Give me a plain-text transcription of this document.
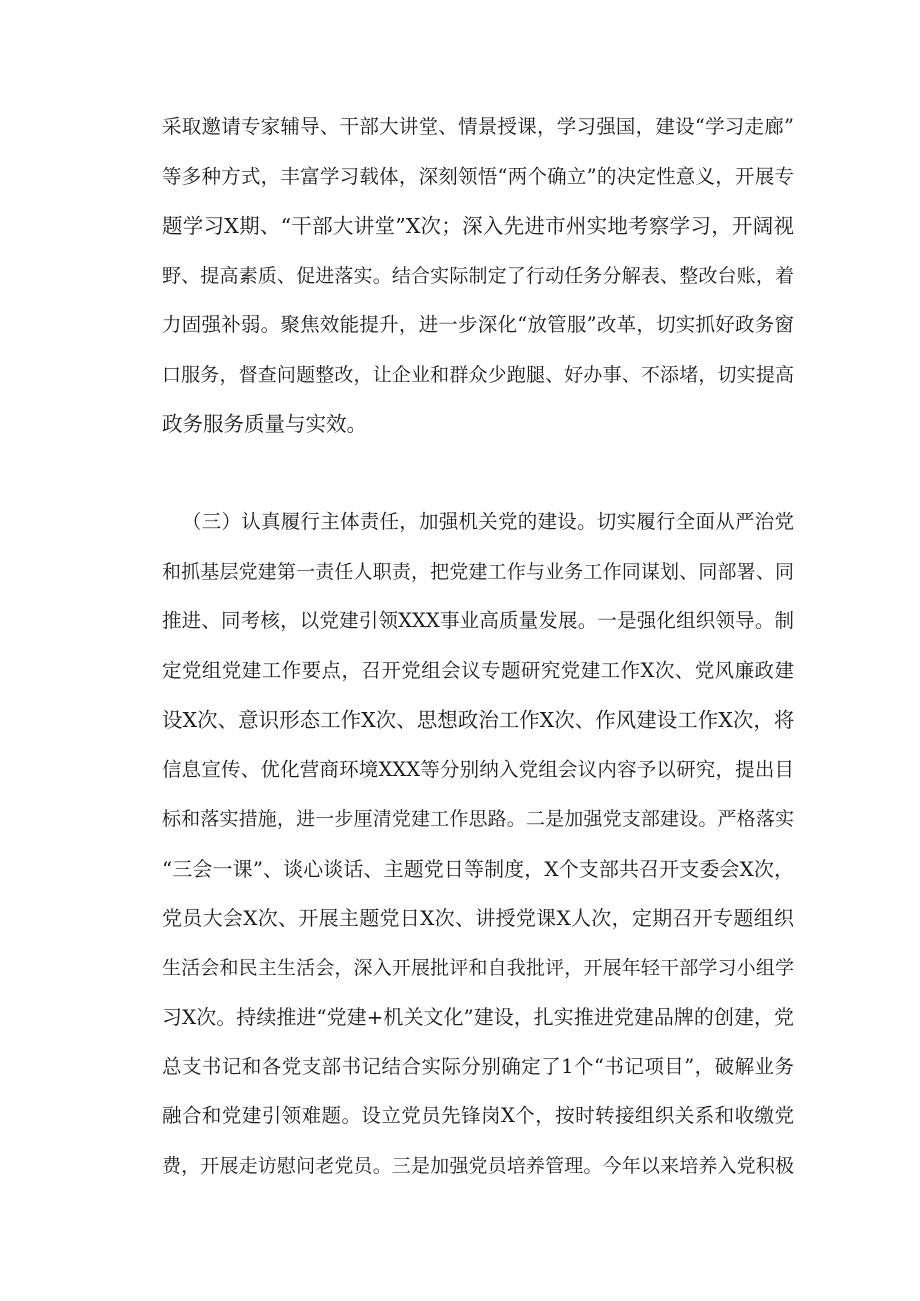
采取邀请专家辅导、干部大讲堂、情景授课，学习强国，建设“学习走廊”
等多种方式，丰富学习载体，深刻领悟“两个确立”的决定性意义，开展专
题学习X期、“干部大讲堂”X次；深入先进市州实地考察学习，开阔视
野、提高素质、促进落实。结合实际制定了行动任务分解表、整改台账，着
力固强补弱。聚焦效能提升，进一步深化“放管服”改革，切实抓好政务窗
口服务，督查问题整改，让企业和群众少跑腿、好办事、不添堵，切实提高
政务服务质量与实效。
（三）认真履行主体责任，加强机关党的建设。切实履行全面从严治党
和抓基层党建第一责任人职责，把党建工作与业务工作同谋划、同部署、同
推进、同考核，以党建引领XXX事业高质量发展。一是强化组织领导。制
定党组党建工作要点，召开党组会议专题研究党建工作X次、党风廉政建
设X次、意识形态工作X次、思想政治工作X次、作风建设工作X次，将
信息宣传、优化营商环境XXX等分别纳入党组会议内容予以研究，提出目
标和落实措施，进一步厘清党建工作思路。二是加强党支部建设。严格落实
“三会一课”、谈心谈话、主题党日等制度，X个支部共召开支委会X次，
党员大会X次、开展主题党日X次、讲授党课X人次，定期召开专题组织
生活会和民主生活会，深入开展批评和自我批评，开展年轻干部学习小组学
习X次。持续推进“党建+机关文化”建设，扎实推进党建品牌的创建，党
总支书记和各党支部书记结合实际分别确定了1个“书记项目”，破解业务
融合和党建引领难题。设立党员先锋岗X个，按时转接组织关系和收缴党
费，开展走访慰问老党员。三是加强党员培养管理。今年以来培养入党积极
